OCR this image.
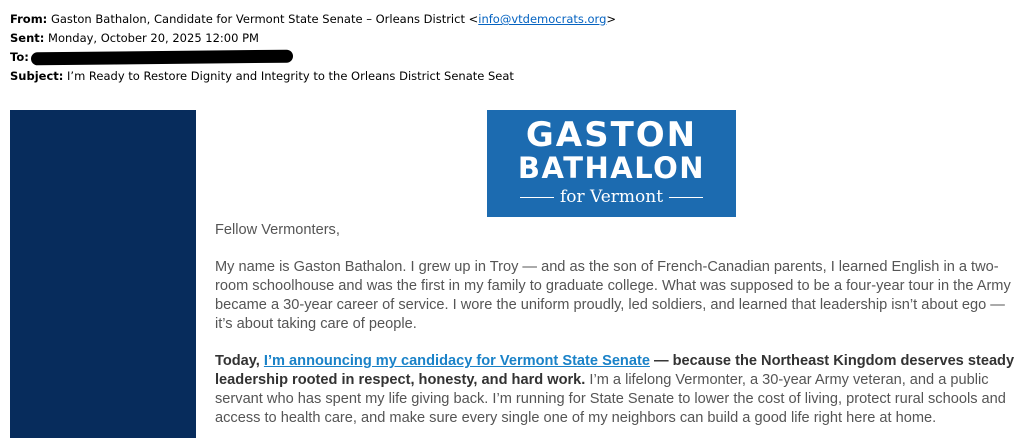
From: Gaston Bathalon, Candidate for Vermont State Senate – Orleans District <info@vtdemocrats.org>
Sent: Monday, October 20, 2025 12:00 PM
To:
Subject: I’m Ready to Restore Dignity and Integrity to the Orleans District Senate Seat
GASTON
BATHALON
for Vermont

Fellow Vermonters,

My name is Gaston Bathalon. I grew up in Troy — and as the son of French-Canadian parents, I learned English in a two-room schoolhouse and was the first in my family to graduate college. What was supposed to be a four-year tour in the Army became a 30-year career of service. I wore the uniform proudly, led soldiers, and learned that leadership isn’t about ego — it’s about taking care of people.

Today, I’m announcing my candidacy for Vermont State Senate — because the Northeast Kingdom deserves steady leadership rooted in respect, honesty, and hard work. I’m a lifelong Vermonter, a 30-year Army veteran, and a public servant who has spent my life giving back. I’m running for State Senate to lower the cost of living, protect rural schools and access to health care, and make sure every single one of my neighbors can build a good life right here at home.
